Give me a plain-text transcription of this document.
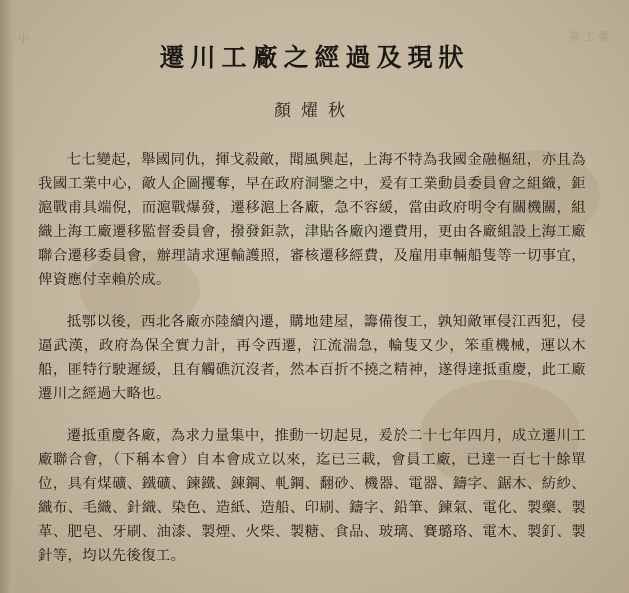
第 工 業
中
遷川工廠之經過及現狀
顏燿秋

七七變起，舉國同仇，揮戈殺敵，聞風興起，上海不特為我國金融樞紐，亦且為我國工業中心，敵人企圖攫奪，早在政府洞鑒之中，爰有工業動員委員會之組織，鉅滬戰甫具端倪，而滬戰爆發，遷移滬上各廠，急不容緩，當由政府明令有關機關，組織上海工廠遷移監督委員會，撥發鉅款，津貼各廠內遷費用，更由各廠組設上海工廠聯合遷移委員會，辦理請求運輸護照，審核遷移經費，及雇用車輛船隻等一切事宜，俾資應付幸賴於成。

抵鄂以後，西北各廠亦陸續內遷，購地建屋，籌備復工，孰知敵軍侵江西犯，侵逼武漢，政府為保全實力計，再令西遷，江流湍急，輪隻又少，笨重機械，運以木船，匪特行駛遲緩，且有觸礁沉沒者，然本百折不撓之精神，遂得達抵重慶，此工廠遷川之經過大略也。

遷抵重慶各廠，為求力量集中，推動一切起見，爰於二十七年四月，成立遷川工廠聯合會，（下稱本會）自本會成立以來，迄已三載，會員工廠，已達一百七十餘單位，具有煤礦、鐵礦、鍊鐵、鍊鋼、軋鋼、翻砂、機器、電器、鑄字、鋸木、紡紗、織布、毛織、針織、染色、造紙、造船、印刷、鑄字、鉛筆、鍊氣、電化、製藥、製革、肥皂、牙刷、油漆、製煙、火柴、製糖、食品、玻璃、賽璐珞、電木、製釘、製針等，均以先後復工。
